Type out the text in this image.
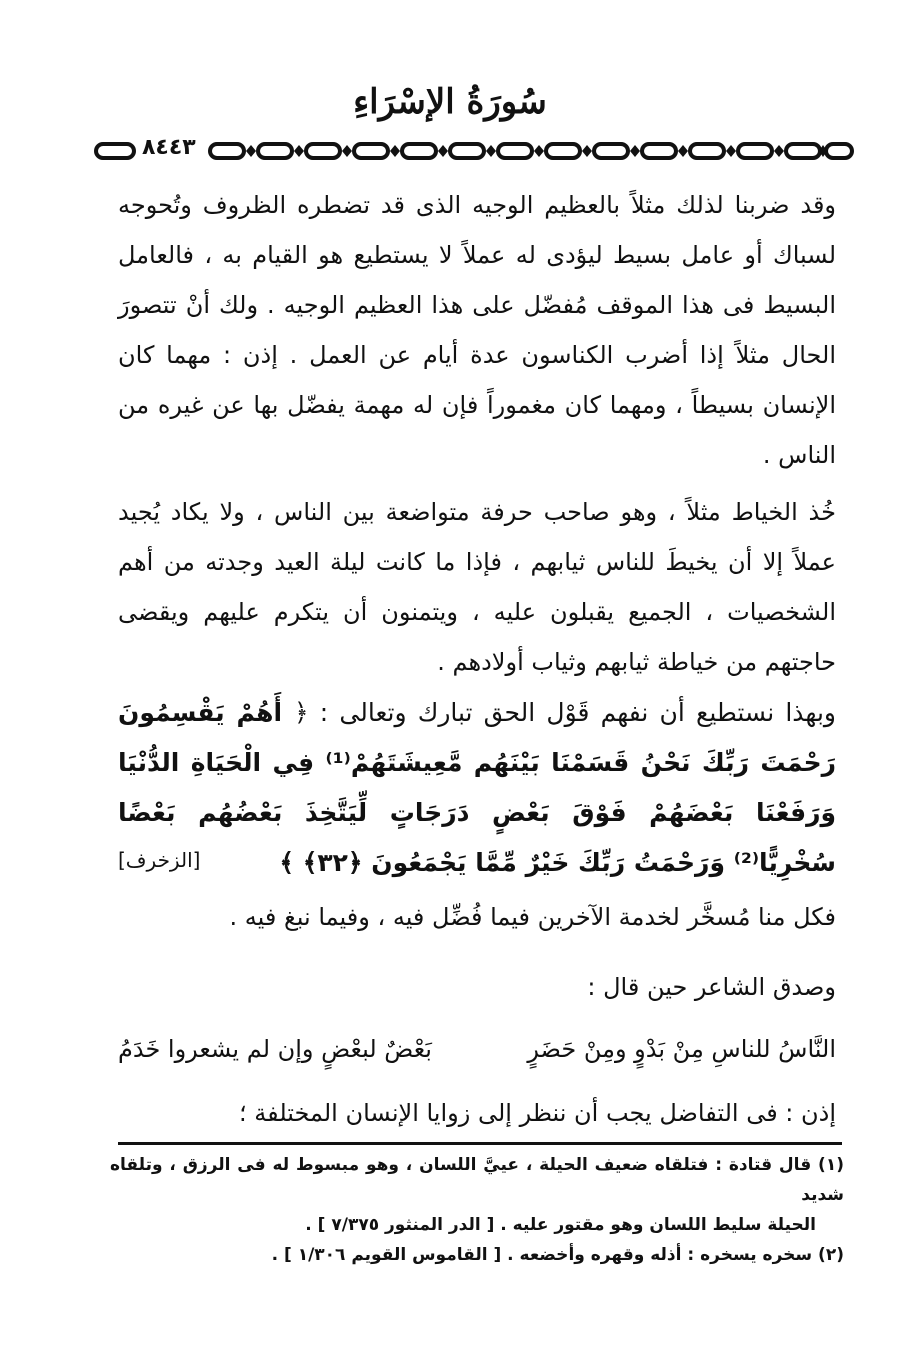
سُورَةُ الإسْرَاءِ
٨٤٤٣
وقد ضربنا لذلك مثلاً بالعظيم الوجيه الذى قد تضطره الظروف وتُحوجه لسباك أو عامل بسيط ليؤدى له عملاً لا يستطيع هو القيام به ، فالعامل البسيط فى هذا الموقف مُفضّل على هذا العظيم الوجيه . ولك أنْ تتصورَ الحال مثلاً إذا أضرب الكناسون عدة أيام عن العمل . إذن : مهما كان الإنسان بسيطاً ، ومهما كان مغموراً فإن له مهمة يفضّل بها عن غيره من الناس .
خُذ الخياط مثلاً ، وهو صاحب حرفة متواضعة بين الناس ، ولا يكاد يُجيد عملاً إلا أن يخيطَ للناس ثيابهم ، فإذا ما كانت ليلة العيد وجدته من أهم الشخصيات ، الجميع يقبلون عليه ، ويتمنون أن يتكرم عليهم ويقضى حاجتهم من خياطة ثيابهم وثياب أولادهم .
وبهذا نستطيع أن نفهم قَوْل الحق تبارك وتعالى : ﴿ أَهُمْ يَقْسِمُونَ رَحْمَتَ رَبِّكَ نَحْنُ قَسَمْنَا بَيْنَهُم مَّعِيشَتَهُمْ⁽¹⁾ فِي الْحَيَاةِ الدُّنْيَا وَرَفَعْنَا بَعْضَهُمْ فَوْقَ بَعْضٍ دَرَجَاتٍ لِّيَتَّخِذَ بَعْضُهُم بَعْضًا سُخْرِيًّا⁽²⁾ وَرَحْمَتُ رَبِّكَ خَيْرٌ مِّمَّا يَجْمَعُونَ ﴿٣٢﴾ ﴾
[الزخرف]
فكل منا مُسخَّر لخدمة الآخرين فيما فُضِّل فيه ، وفيما نبغ فيه .
وصدق الشاعر حين قال :
النَّاسُ للناسِ مِنْ بَدْوٍ ومِنْ حَضَرٍ
بَعْضٌ لبعْضٍ وإن لم يشعروا خَدَمُ
إذن : فى التفاضل يجب أن ننظر إلى زوايا الإنسان المختلفة ؛
(١) قال قتادة : فتلقاه ضعيف الحيلة ، عييَّ اللسان ، وهو مبسوط له فى الرزق ، وتلقاه شديد
الحيلة سليط اللسان وهو مقتور عليه . [ الدر المنثور ٧/٣٧٥ ] .
(٢) سخره يسخره : أذله وقهره وأخضعه . [ القاموس القويم ١/٣٠٦ ] .
